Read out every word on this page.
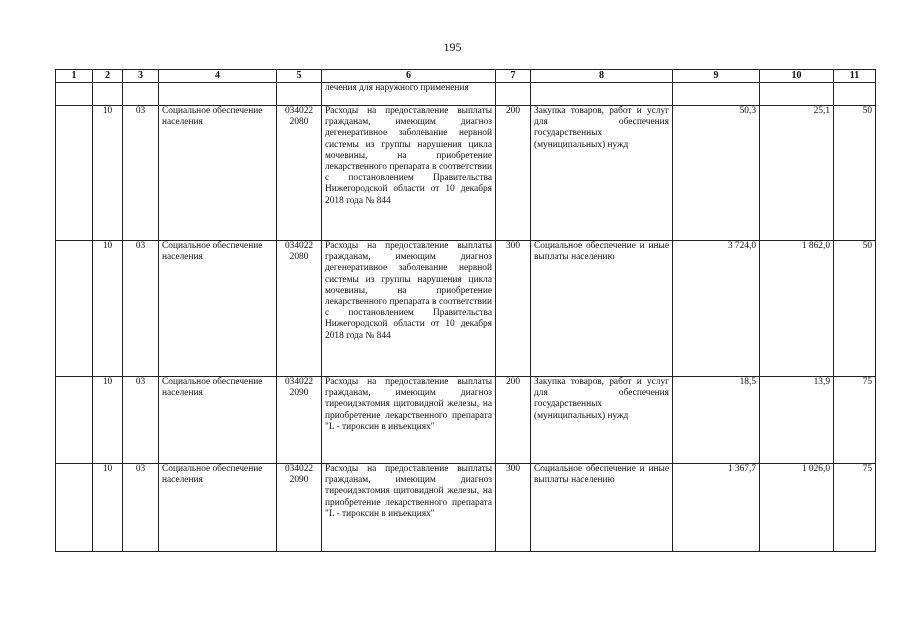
195
1	2	3	4	5	6	7	8	9	10	11
					лечения для наружного применения					
	10	03	Социальное обеспечение населения	034022 2080	Расходы на предоставление выплаты гражданам, имеющим диагноз дегенеративное заболевание нервной системы из группы нарушения цикла мочевины, на приобретение лекарственного препарата в соответствии с постановлением Правительства Нижегородской области от 10 декабря 2018 года № 844	200	Закупка товаров, работ и услуг для обеспечения государственных (муниципальных) нужд	50,3	25,1	50
	10	03	Социальное обеспечение населения	034022 2080	Расходы на предоставление выплаты гражданам, имеющим диагноз дегенеративное заболевание нервной системы из группы нарушения цикла мочевины, на приобретение лекарственного препарата в соответствии с постановлением Правительства Нижегородской области от 10 декабря 2018 года № 844	300	Социальное обеспечение и иные выплаты населению	3 724,0	1 862,0	50
	10	03	Социальное обеспечение населения	034022 2090	Расходы на предоставление выплаты гражданам, имеющим диагноз тиреоидэктомия щитовидной железы, на приобретение лекарственного препарата "L - тироксин в инъекциях"	200	Закупка товаров, работ и услуг для обеспечения государственных (муниципальных) нужд	18,5	13,9	75
	10	03	Социальное обеспечение населения	034022 2090	Расходы на предоставление выплаты гражданам, имеющим диагноз тиреоидэктомия щитовидной железы, на приобретение лекарственного препарата "L - тироксин в инъекциях"	300	Социальное обеспечение и иные выплаты населению	1 367,7	1 026,0	75
